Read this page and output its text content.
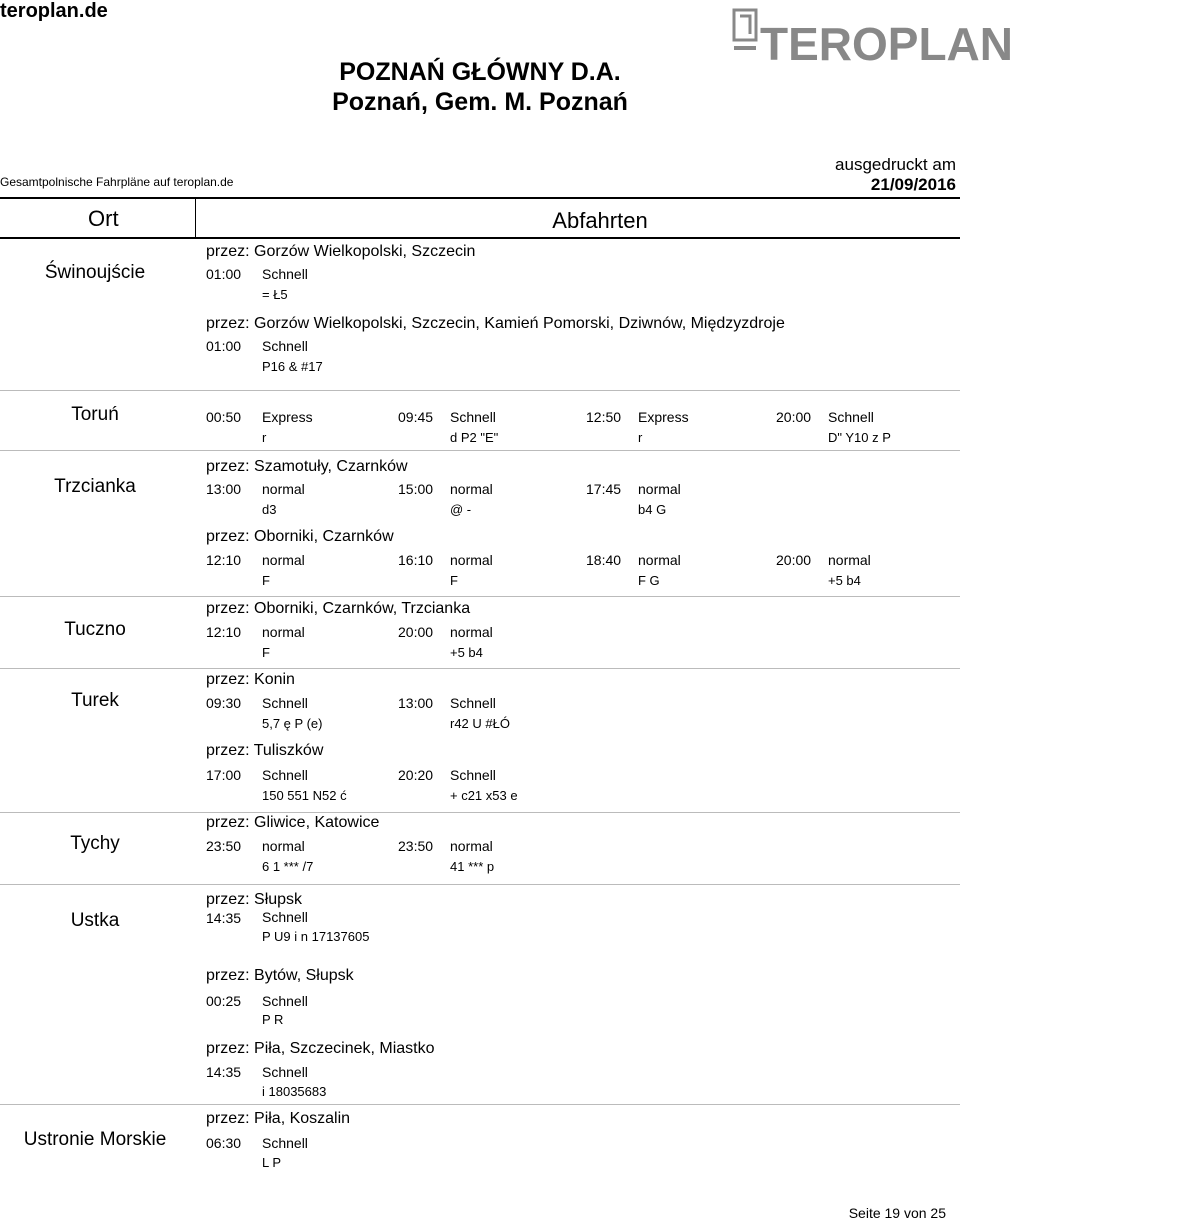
teroplan.de
TEROPLAN
POZNAŃ GŁÓWNY D.A.
Poznań, Gem. M. Poznań
Gesamtpolnische Fahrpläne auf teroplan.de
ausgedruckt am
21/09/2016
Ort	Abfahrten
Świnoujście
Toruń
Trzcianka
Tuczno
Turek
Tychy
Ustka
Ustronie Morskie
przez: Gorzów Wielkopolski, Szczecin
przez: Gorzów Wielkopolski, Szczecin, Kamień Pomorski, Dziwnów, Międzyzdroje
przez: Szamotuły, Czarnków
przez: Oborniki, Czarnków
przez: Oborniki, Czarnków, Trzcianka
przez: Konin
przez: Tuliszków
przez: Gliwice, Katowice
przez: Słupsk
przez: Bytów, Słupsk
przez: Piła, Szczecinek, Miastko
przez: Piła, Koszalin
01:00 Schnell
= Ł5
01:00 Schnell
P16 & #17
00:50 Express
r
09:45 Schnell
d P2 "E"
12:50 Express
r
20:00 Schnell
D" Y10 z P
13:00 normal
d3
15:00 normal
@ -
17:45 normal
b4 G
12:10 normal
F
16:10 normal
F
18:40 normal
F G
20:00 normal
+5 b4
12:10 normal
F
20:00 normal
+5 b4
09:30 Schnell
5,7 ę P (e)
13:00 Schnell
r42 U #ŁÓ
17:00 Schnell
150 551 N52 ć
20:20 Schnell
+ c21 x53 e
23:50 normal
6 1 *** /7
23:50 normal
41 *** p
14:35 Schnell
P U9 i n 17137605
00:25 Schnell
P R
14:35 Schnell
i 18035683
06:30 Schnell
L P
Seite 19 von 25
